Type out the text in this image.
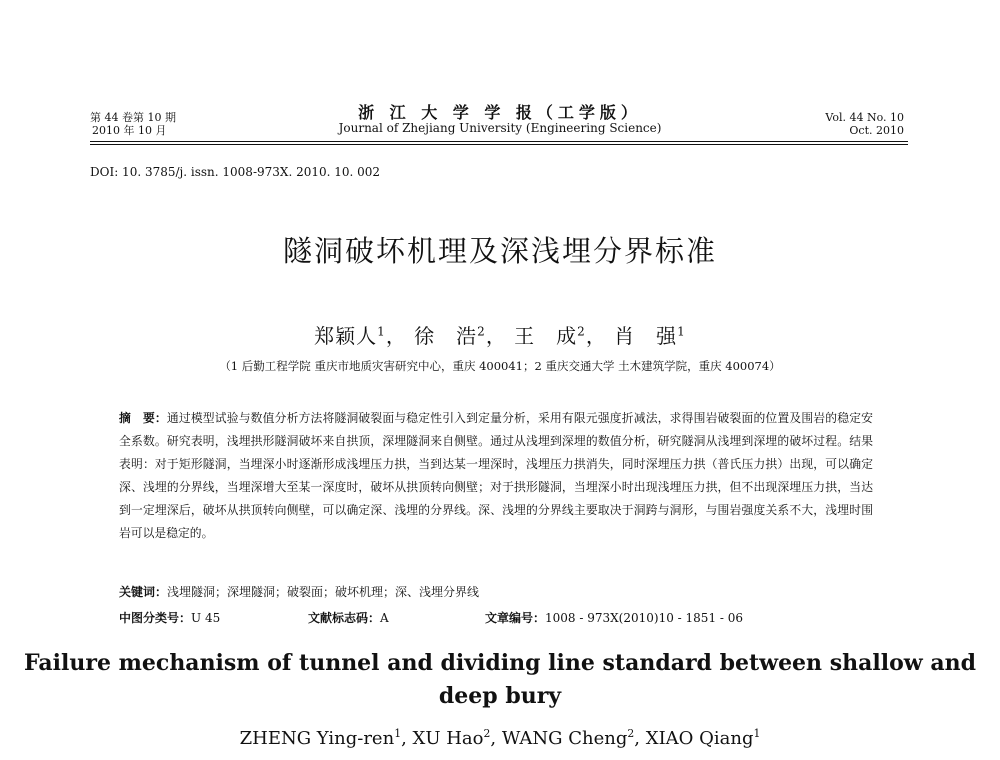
第 44 卷第 10 期
2010 年 10 月
浙 江 大 学 学 报（工学版）
Journal of Zhejiang University (Engineering Science)
Vol. 44 No. 10
Oct. 2010
DOI: 10. 3785/j. issn. 1008-973X. 2010. 10. 002
隧洞破坏机理及深浅埋分界标准
郑颖人$^1$， 徐　浩$^2$， 王　成$^2$， 肖　强$^1$
（1 后勤工程学院 重庆市地质灾害研究中心，重庆 400041；2 重庆交通大学 土木建筑学院，重庆 400074）
摘　要：通过模型试验与数值分析方法将隧洞破裂面与稳定性引入到定量分析，采用有限元强度折减法，求得围岩破裂面的位置及围岩的稳定安全系数。研究表明，浅埋拱形隧洞破坏来自拱顶，深埋隧洞来自侧壁。通过从浅埋到深埋的数值分析，研究隧洞从浅埋到深埋的破坏过程。结果表明：对于矩形隧洞，当埋深小时逐渐形成浅埋压力拱，当到达某一埋深时，浅埋压力拱消失，同时深埋压力拱（普氏压力拱）出现，可以确定深、浅埋的分界线，当埋深增大至某一深度时，破坏从拱顶转向侧壁；对于拱形隧洞，当埋深小时出现浅埋压力拱，但不出现深埋压力拱，当达到一定埋深后，破坏从拱顶转向侧壁，可以确定深、浅埋的分界线。深、浅埋的分界线主要取决于洞跨与洞形，与围岩强度关系不大，浅埋时围岩可以是稳定的。
关键词：浅埋隧洞；深埋隧洞；破裂面；破坏机理；深、浅埋分界线
中图分类号：U 45	文献标志码：A	文章编号：1008 - 973X(2010)10 - 1851 - 06
Failure mechanism of tunnel and dividing line standard between shallow and deep bury
ZHENG Ying-ren$^1$, XU Hao$^2$, WANG Cheng$^2$, XIAO Qiang$^1$
